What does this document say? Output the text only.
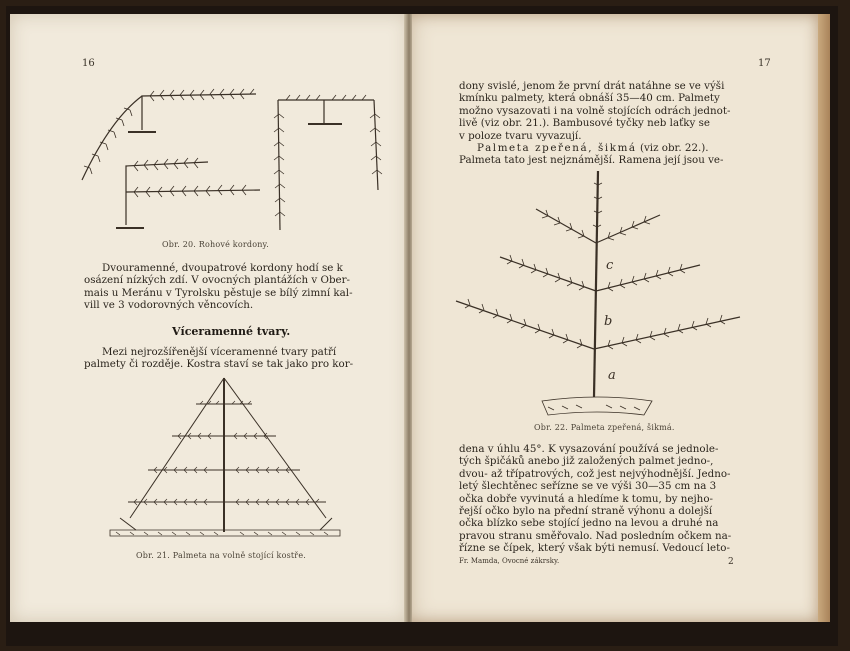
16
Obr. 20. Rohové kordony.

Dvouramenné, dvoupatrové kordony hodí se k

osázení nízkých zdí. V ovocných plantážích v Ober-

mais u Meránu v Tyrolsku pěstuje se bílý zimní kal-

vill ve 3 vodorovných věncovích.

Víceramenné tvary.

Mezi nejrozšířenější víceramenné tvary patří

palmety či rozděje. Kostra staví se tak jako pro kor-

Obr. 21. Palmeta na volně stojící kostře.
17

dony svislé, jenom že první drát natáhne se ve výši

kmínku palmety, která obnáší 35—40 cm. Palmety

možno vysazovati i na volně stojících odrách jednot-

livě (viz obr. 21.). Bambusové tyčky neb laťky se

v poloze tvaru vyvazují.

Palmeta zpeřená, šikmá (viz obr. 22.).

Palmeta tato jest nejznámější. Ramena její jsou ve-

c
b
a
Obr. 22. Palmeta zpeřená, šikmá.

dena v úhlu 45°. K vysazování používá se jednole-

tých špičáků anebo již založených palmet jedno-,

dvou- až třípatrových, což jest nejvýhodnější. Jedno-

letý šlechtěnec seřízne se ve výši 30—35 cm na 3

očka dobře vyvinutá a hledíme k tomu, by nejho-

řejší očko bylo na přední straně výhonu a dolejší

očka blízko sebe stojící jedno na levou a druhé na

pravou stranu směřovalo. Nad posledním očkem na-

řízne se čípek, který však býti nemusí. Vedoucí leto-

Fr. Mamda, Ovocné zákrsky.	2
